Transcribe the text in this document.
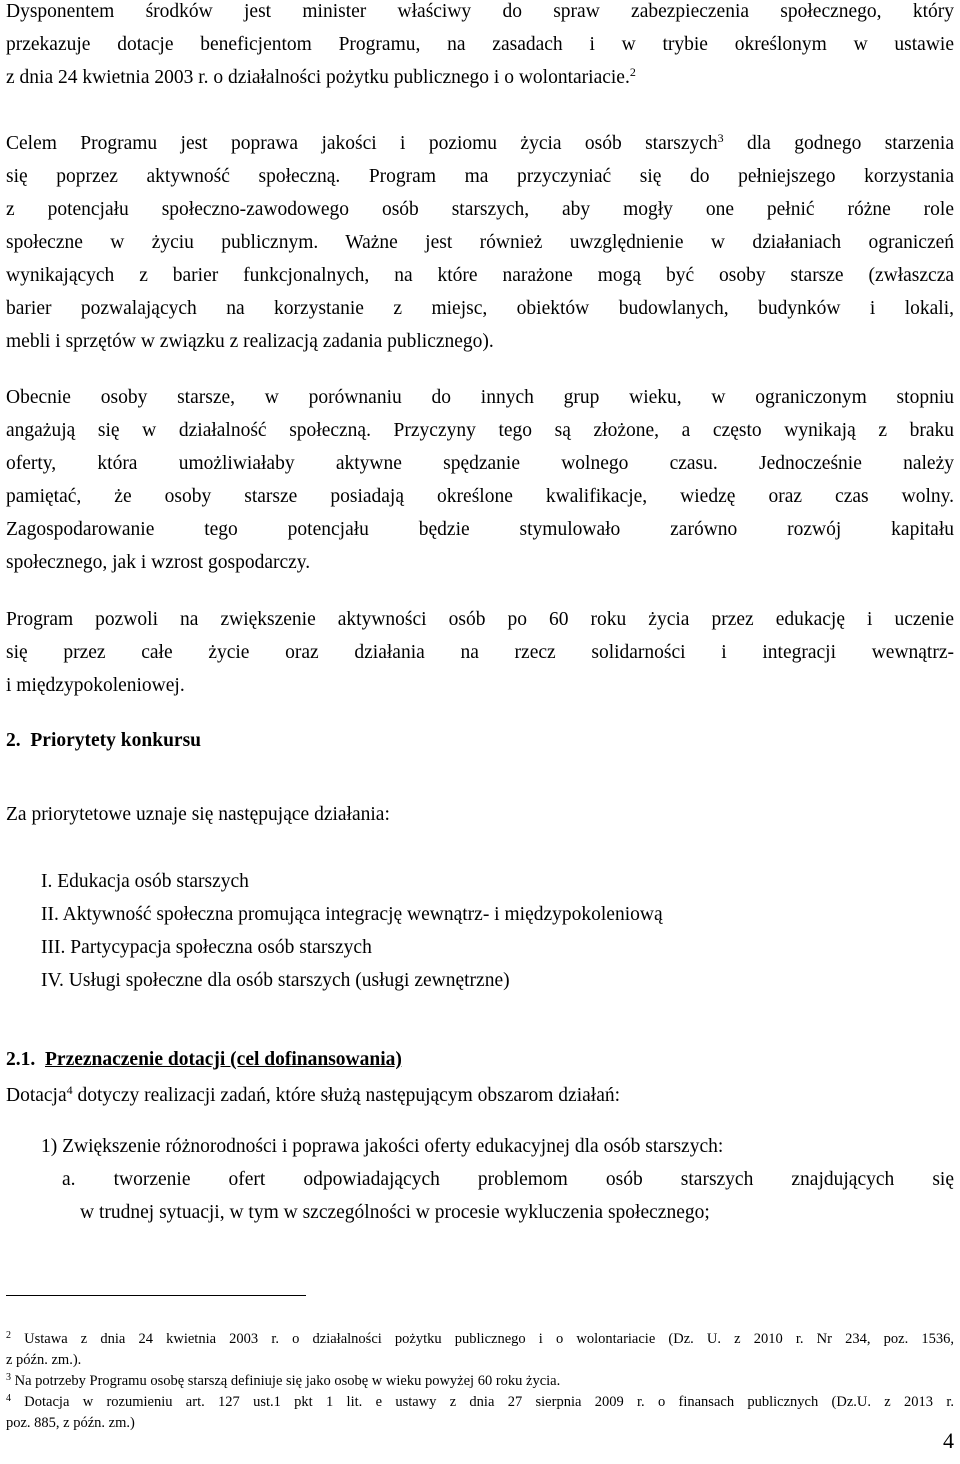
Dysponentem środków jest minister właściwy do spraw zabezpieczenia społecznego, który
przekazuje dotacje beneficjentom Programu, na zasadach i w trybie określonym w ustawie
z dnia 24 kwietnia 2003 r. o działalności pożytku publicznego i o wolontariacie.$^2$
Celem Programu jest poprawa jakości i poziomu życia osób starszych$^3$ dla godnego starzenia
się poprzez aktywność społeczną. Program ma przyczyniać się do pełniejszego korzystania
z potencjału społeczno-zawodowego osób starszych, aby mogły one pełnić różne role
społeczne w życiu publicznym. Ważne jest również uwzględnienie w działaniach ograniczeń
wynikających z barier funkcjonalnych, na które narażone mogą być osoby starsze (zwłaszcza
barier pozwalających na korzystanie z miejsc, obiektów budowlanych, budynków i lokali,
mebli i sprzętów w związku z realizacją zadania publicznego).
Obecnie osoby starsze, w porównaniu do innych grup wieku, w ograniczonym stopniu
angażują się w działalność społeczną. Przyczyny tego są złożone, a często wynikają z braku
oferty, która umożliwiałaby aktywne spędzanie wolnego czasu. Jednocześnie należy
pamiętać, że osoby starsze posiadają określone kwalifikacje, wiedzę oraz czas wolny.
Zagospodarowanie tego potencjału będzie stymulowało zarówno rozwój kapitału
społecznego, jak i wzrost gospodarczy.
Program pozwoli na zwiększenie aktywności osób po 60 roku życia przez edukację i uczenie
się przez całe życie oraz działania na rzecz solidarności i integracji wewnątrz-
i międzypokoleniowej.
2. Priorytety konkursu
Za priorytetowe uznaje się następujące działania:
I. Edukacja osób starszych
II. Aktywność społeczna promująca integrację wewnątrz- i międzypokoleniową
III. Partycypacja społeczna osób starszych
IV. Usługi społeczne dla osób starszych (usługi zewnętrzne)
2.1. Przeznaczenie dotacji (cel dofinansowania)
Dotacja$^4$ dotyczy realizacji zadań, które służą następującym obszarom działań:
1) Zwiększenie różnorodności i poprawa jakości oferty edukacyjnej dla osób starszych:
a. tworzenie ofert odpowiadających problemom osób starszych znajdujących się
w trudnej sytuacji, w tym w szczególności w procesie wykluczenia społecznego;
$^2$ Ustawa z dnia 24 kwietnia 2003 r. o działalności pożytku publicznego i o wolontariacie (Dz. U. z 2010 r. Nr 234, poz. 1536,
z późn. zm.).
$^3$ Na potrzeby Programu osobę starszą definiuje się jako osobę w wieku powyżej 60 roku życia.
$^4$ Dotacja w rozumieniu art. 127 ust.1 pkt 1 lit. e ustawy z dnia 27 sierpnia 2009 r. o finansach publicznych (Dz.U. z 2013 r.
poz. 885, z późn. zm.)
4
